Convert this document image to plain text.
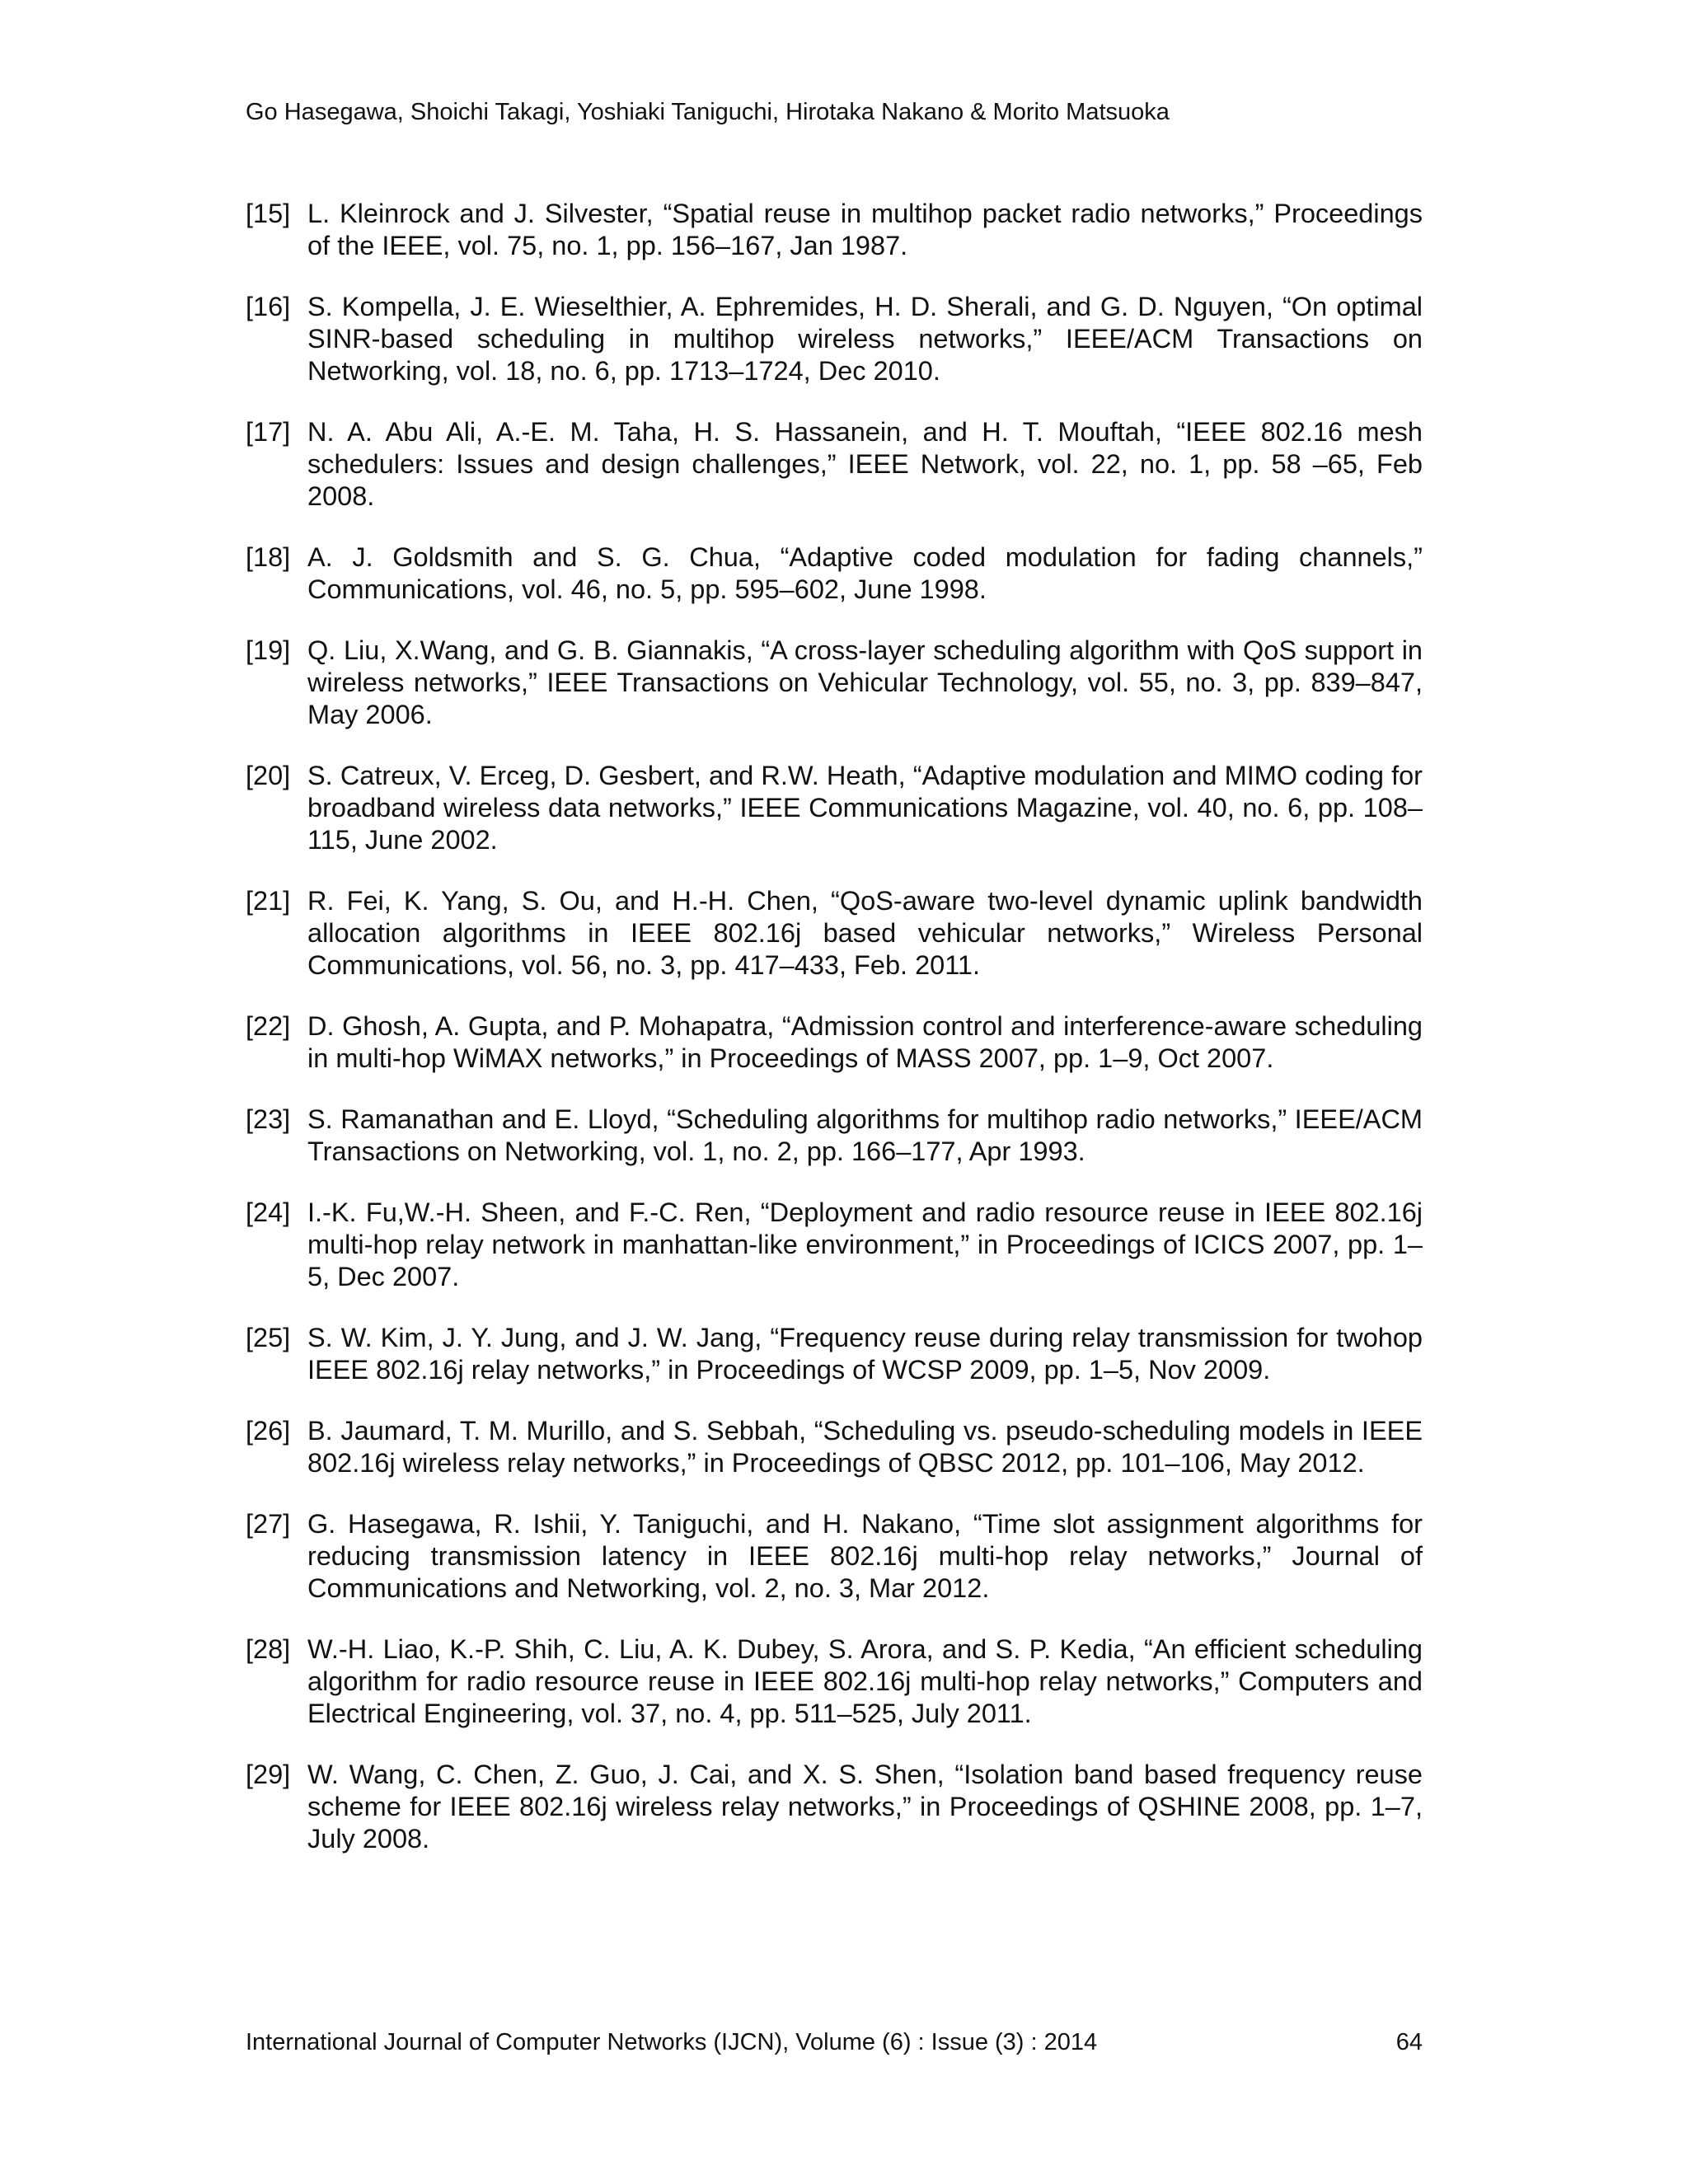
Go Hasegawa, Shoichi Takagi, Yoshiaki Taniguchi, Hirotaka Nakano & Morito Matsuoka
[15] L. Kleinrock and J. Silvester, “Spatial reuse in multihop packet radio networks,” Proceedings of the IEEE, vol. 75, no. 1, pp. 156–167, Jan 1987.
[16] S. Kompella, J. E. Wieselthier, A. Ephremides, H. D. Sherali, and G. D. Nguyen, “On optimal SINR-based scheduling in multihop wireless networks,” IEEE/ACM Transactions on Networking, vol. 18, no. 6, pp. 1713–1724, Dec 2010.
[17] N. A. Abu Ali, A.-E. M. Taha, H. S. Hassanein, and H. T. Mouftah, “IEEE 802.16 mesh schedulers: Issues and design challenges,” IEEE Network, vol. 22, no. 1, pp. 58 –65, Feb 2008.
[18] A. J. Goldsmith and S. G. Chua, “Adaptive coded modulation for fading channels,” Communications, vol. 46, no. 5, pp. 595–602, June 1998.
[19] Q. Liu, X.Wang, and G. B. Giannakis, “A cross-layer scheduling algorithm with QoS support in wireless networks,” IEEE Transactions on Vehicular Technology, vol. 55, no. 3, pp. 839–847, May 2006.
[20] S. Catreux, V. Erceg, D. Gesbert, and R.W. Heath, “Adaptive modulation and MIMO coding for broadband wireless data networks,” IEEE Communications Magazine, vol. 40, no. 6, pp. 108–115, June 2002.
[21] R. Fei, K. Yang, S. Ou, and H.-H. Chen, “QoS-aware two-level dynamic uplink bandwidth allocation algorithms in IEEE 802.16j based vehicular networks,” Wireless Personal Communications, vol. 56, no. 3, pp. 417–433, Feb. 2011.
[22] D. Ghosh, A. Gupta, and P. Mohapatra, “Admission control and interference-aware scheduling in multi-hop WiMAX networks,” in Proceedings of MASS 2007, pp. 1–9, Oct 2007.
[23] S. Ramanathan and E. Lloyd, “Scheduling algorithms for multihop radio networks,” IEEE/ACM Transactions on Networking, vol. 1, no. 2, pp. 166–177, Apr 1993.
[24] I.-K. Fu,W.-H. Sheen, and F.-C. Ren, “Deployment and radio resource reuse in IEEE 802.16j multi-hop relay network in manhattan-like environment,” in Proceedings of ICICS 2007, pp. 1–5, Dec 2007.
[25] S. W. Kim, J. Y. Jung, and J. W. Jang, “Frequency reuse during relay transmission for twohop IEEE 802.16j relay networks,” in Proceedings of WCSP 2009, pp. 1–5, Nov 2009.
[26] B. Jaumard, T. M. Murillo, and S. Sebbah, “Scheduling vs. pseudo-scheduling models in IEEE 802.16j wireless relay networks,” in Proceedings of QBSC 2012, pp. 101–106, May 2012.
[27] G. Hasegawa, R. Ishii, Y. Taniguchi, and H. Nakano, “Time slot assignment algorithms for reducing transmission latency in IEEE 802.16j multi-hop relay networks,” Journal of Communications and Networking, vol. 2, no. 3, Mar 2012.
[28] W.-H. Liao, K.-P. Shih, C. Liu, A. K. Dubey, S. Arora, and S. P. Kedia, “An efficient scheduling algorithm for radio resource reuse in IEEE 802.16j multi-hop relay networks,” Computers and Electrical Engineering, vol. 37, no. 4, pp. 511–525, July 2011.
[29] W. Wang, C. Chen, Z. Guo, J. Cai, and X. S. Shen, “Isolation band based frequency reuse scheme for IEEE 802.16j wireless relay networks,” in Proceedings of QSHINE 2008, pp. 1–7, July 2008.
International Journal of Computer Networks (IJCN), Volume (6) : Issue (3) : 2014	64
